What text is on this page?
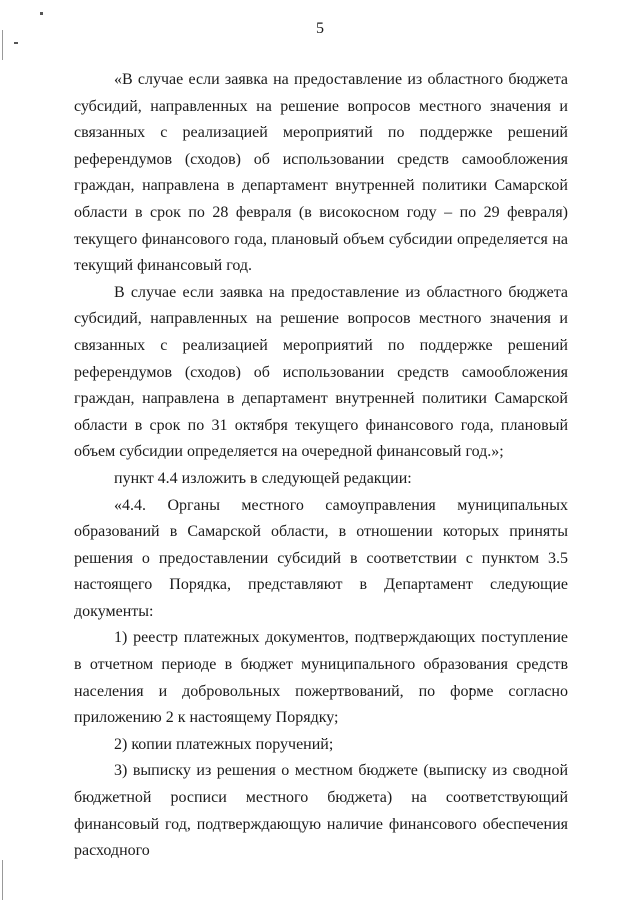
5

«В случае если заявка на предоставление из областного бюджета субсидий, направленных на решение вопросов местного значения и связанных с реализацией мероприятий по поддержке решений референдумов (сходов) об использовании средств самообложения граждан, направлена в департамент внутренней политики Самарской области в срок по 28 февраля (в високосном году – по 29 февраля) текущего финансового года, плановый объем субсидии определяется на текущий финансовый год.

В случае если заявка на предоставление из областного бюджета субсидий, направленных на решение вопросов местного значения и связанных с реализацией мероприятий по поддержке решений референдумов (сходов) об использовании средств самообложения граждан, направлена в департамент внутренней политики Самарской области в срок по 31 октября текущего финансового года, плановый объем субсидии определяется на очередной финансовый год.»;

пункт 4.4 изложить в следующей редакции:

«4.4. Органы местного самоуправления муниципальных образований в Самарской области, в отношении которых приняты решения о предоставлении субсидий в соответствии с пунктом 3.5 настоящего Порядка, представляют в Департамент следующие документы:

1) реестр платежных документов, подтверждающих поступление в отчетном периоде в бюджет муниципального образования средств населения и добровольных пожертвований, по форме согласно приложению 2 к настоящему Порядку;

2) копии платежных поручений;

3) выписку из решения о местном бюджете (выписку из сводной бюджетной росписи местного бюджета) на соответствующий финансовый год, подтверждающую наличие финансового обеспечения расходного
